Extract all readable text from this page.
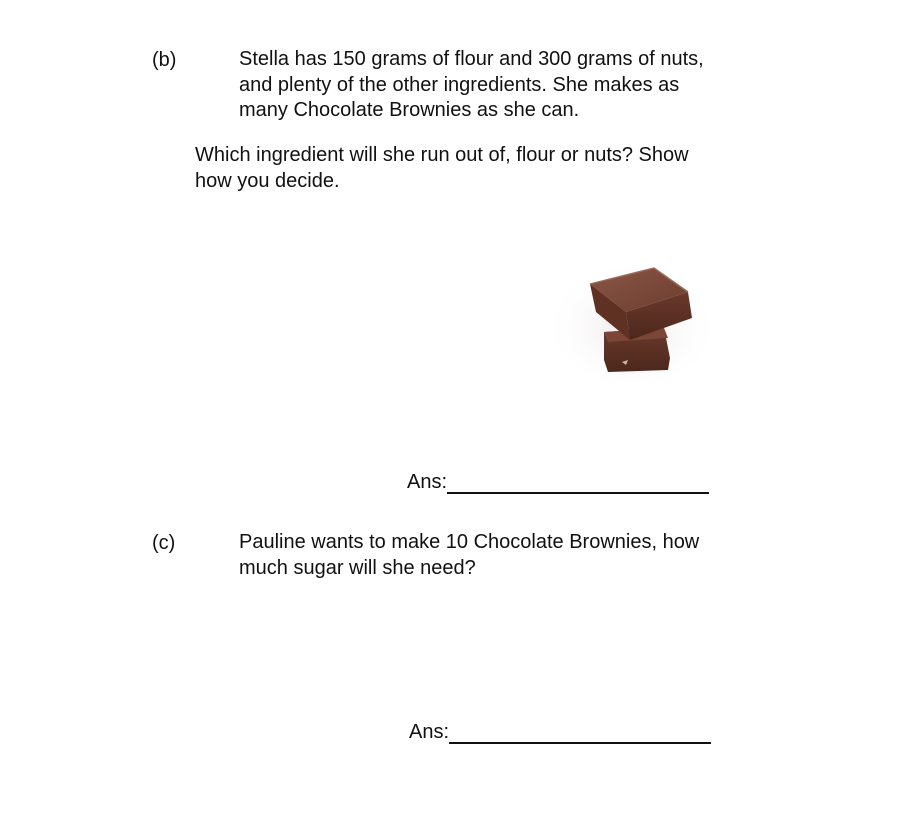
(b)	Stella has 150 grams of flour and 300 grams of nuts,
and plenty of the other ingredients. She makes as
many Chocolate Brownies as she can.
Which ingredient will she run out of, flour or nuts? Show
how you decide.
Ans:
(c)	Pauline wants to make 10 Chocolate Brownies, how
much sugar will she need?
Ans:
